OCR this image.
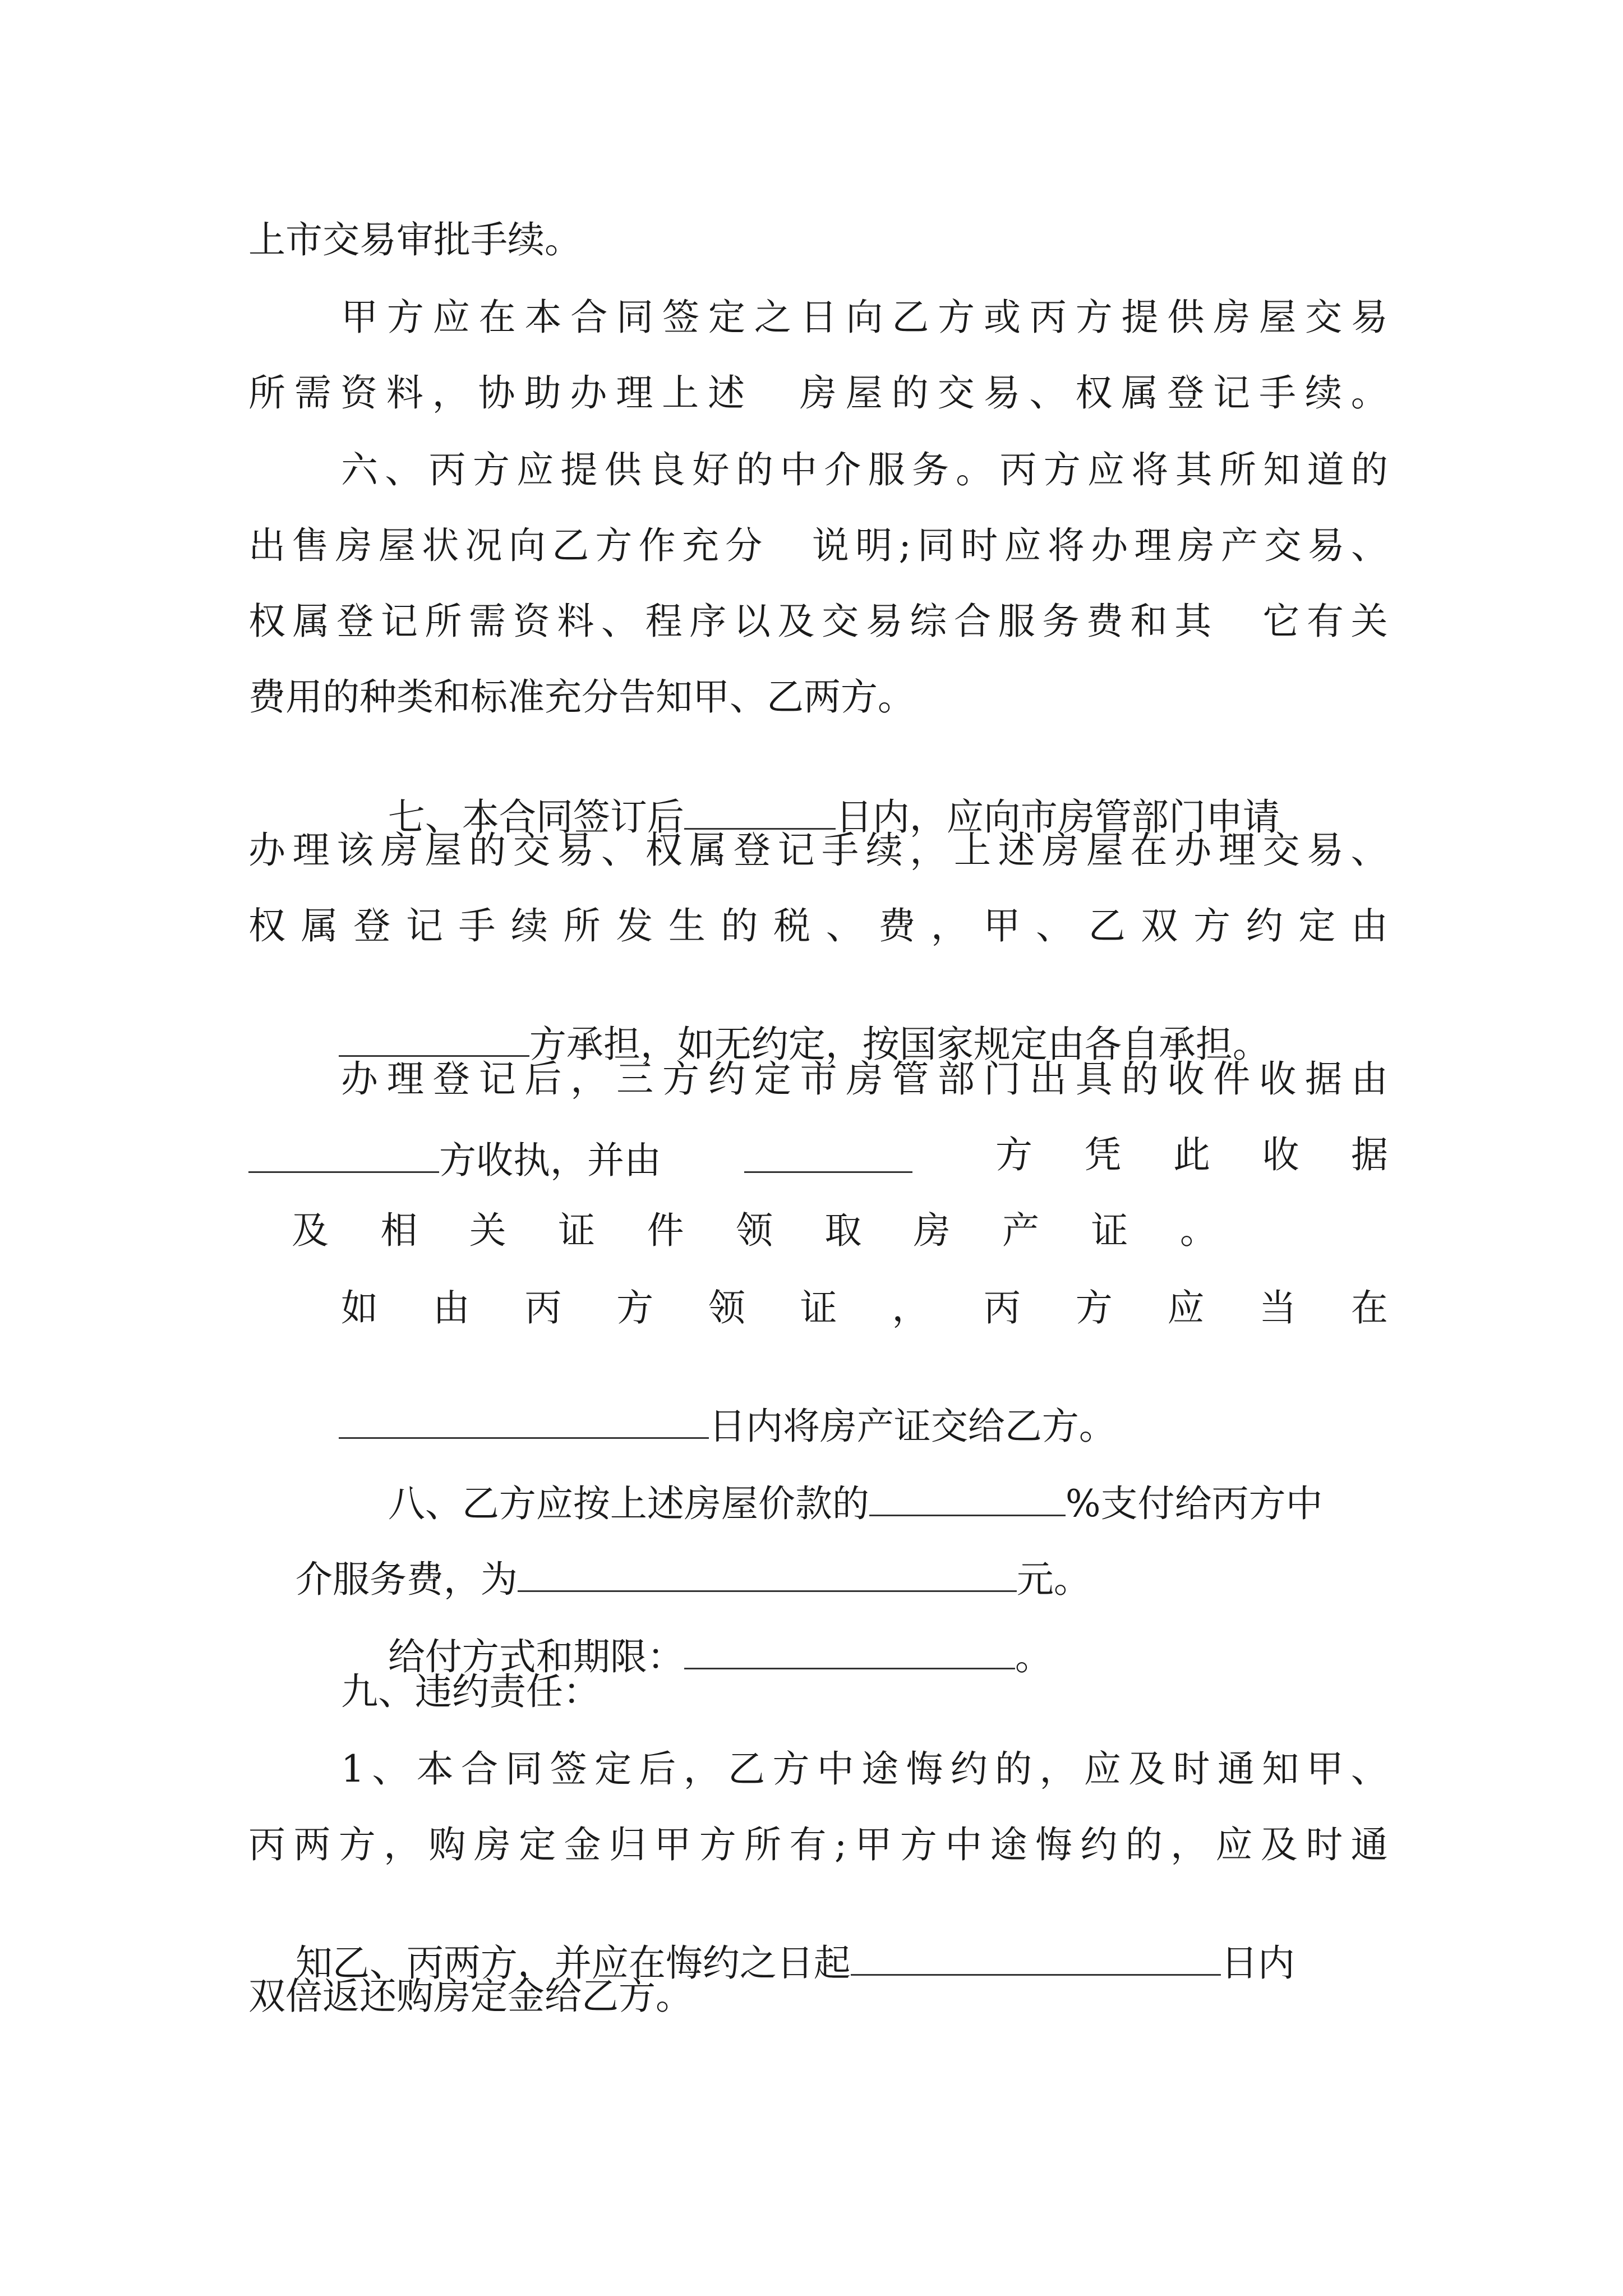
上市交易审批手续。
甲 方 应 在 本 合 同 签 定 之 日 向 乙 方 或 丙 方 提 供 房 屋 交 易
所 需 资 料 ， 协 助 办 理 上 述
　 房 屋 的 交 易 、 权 属 登 记 手 续 。
六 、 丙 方 应 提 供 良 好 的 中 介 服 务 。 丙 方 应 将 其 所 知 道 的
出 售 房 屋 状 况 向 乙 方 作 充 分
　 说 明 ; 同 时 应 将 办 理 房 产 交 易 、
权 属 登 记 所 需 资 料 、 程 序 以 及 交 易 综 合 服 务 费 和 其
　 它 有 关
费用的种类和标准充分告知甲、乙两方。

七、本合同签订后	日内，应向市房管部门申请

办 理 该 房 屋 的 交 易 、 权 属 登 记 手 续 ， 上 述 房 屋 在 办 理 交 易 、
权 属 登 记 手 续 所 发 生 的 税 、 费 ， 甲 、 乙 双 方 约 定 由

方承担，如无约定，按国家规定由各自承担。

办 理 登 记 后 ， 三 方 约 定 市 房 管 部 门 出 具 的 收 件 收 据 由
方收执，并由	方 凭 此 收 据
及 相 关 证 件 领 取 房 产 证 。
如 由 丙 方 领 证 ， 丙 方 应 当 在

日内将房产证交给乙方。

八、乙方应按上述房屋价款的	%支付给丙方中

介服务费，为	元。

给付方式和期限：	。

九、违约责任：
1 、 本 合 同 签 定 后 ， 乙 方 中 途 悔 约 的 ， 应 及 时 通 知 甲 、
丙 两 方 ， 购 房 定 金 归 甲 方 所 有 ; 甲 方 中 途 悔 约 的 ， 应 及 时 通

知乙、丙两方，并应在悔约之日起	日内

双倍返还购房定金给乙方。
